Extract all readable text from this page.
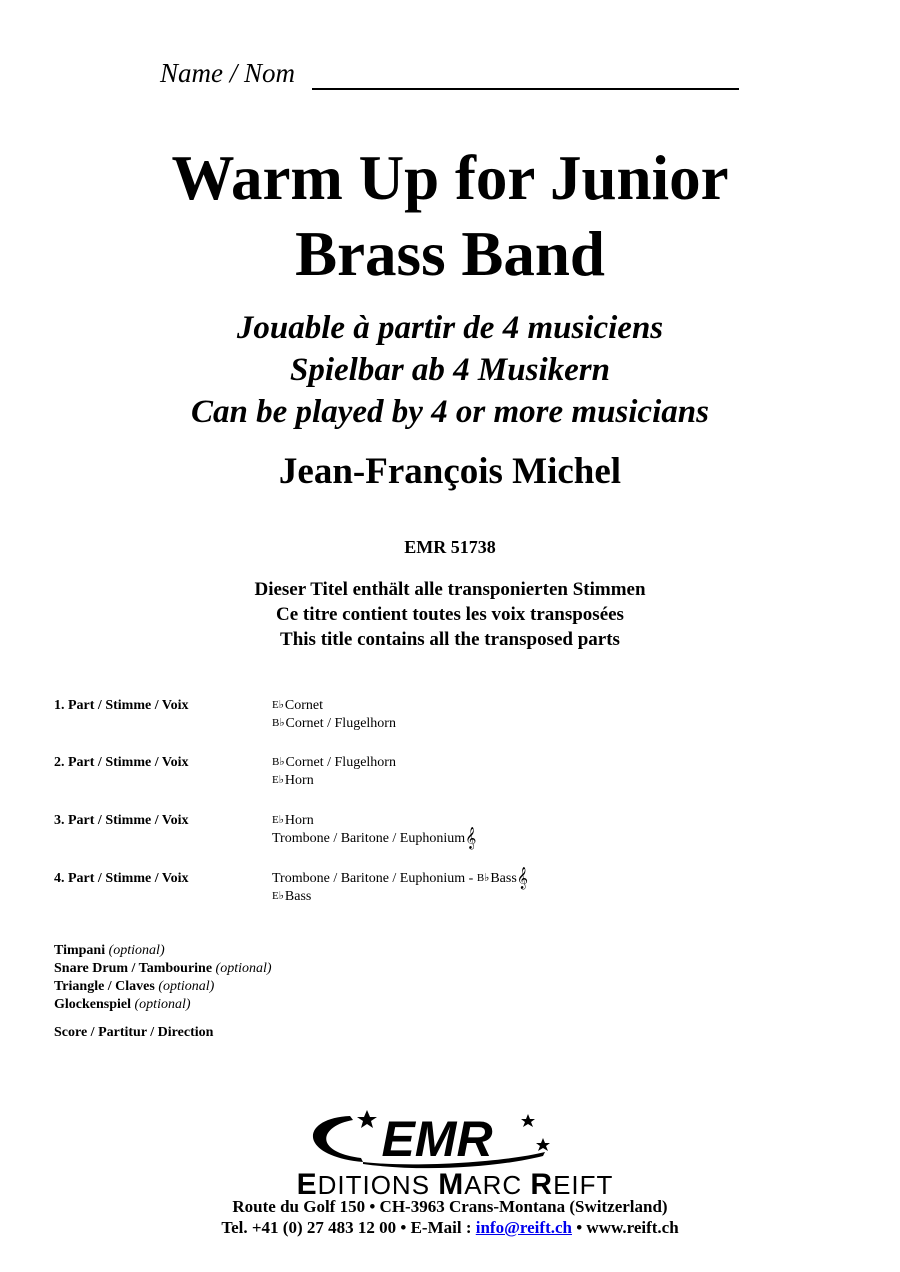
Name / Nom
Warm Up for Junior
Brass Band
Jouable à partir de 4 musiciens
Spielbar ab 4 Musikern
Can be played by 4 or more musicians
Jean-François Michel
EMR 51738
Dieser Titel enthält alle transponierten Stimmen
Ce titre contient toutes les voix transposées
This title contains all the transposed parts
1. Part / Stimme / Voix	E♭Cornet
B♭Cornet / Flugelhorn
2. Part / Stimme / Voix	B♭Cornet / Flugelhorn
E♭Horn
3. Part / Stimme / Voix	E♭Horn
Trombone / Baritone / Euphonium𝄞
4. Part / Stimme / Voix	Trombone / Baritone / Euphonium - B♭Bass𝄞
E♭Bass
Timpani (optional)
Snare Drum / Tambourine (optional)
Triangle / Claves (optional)
Glockenspiel (optional)
Score / Partitur / Direction
EMR
EDITIONS MARC REIFT
Route du Golf 150 • CH-3963 Crans-Montana (Switzerland)
Tel. +41 (0) 27 483 12 00 • E-Mail : info@reift.ch • www.reift.ch
